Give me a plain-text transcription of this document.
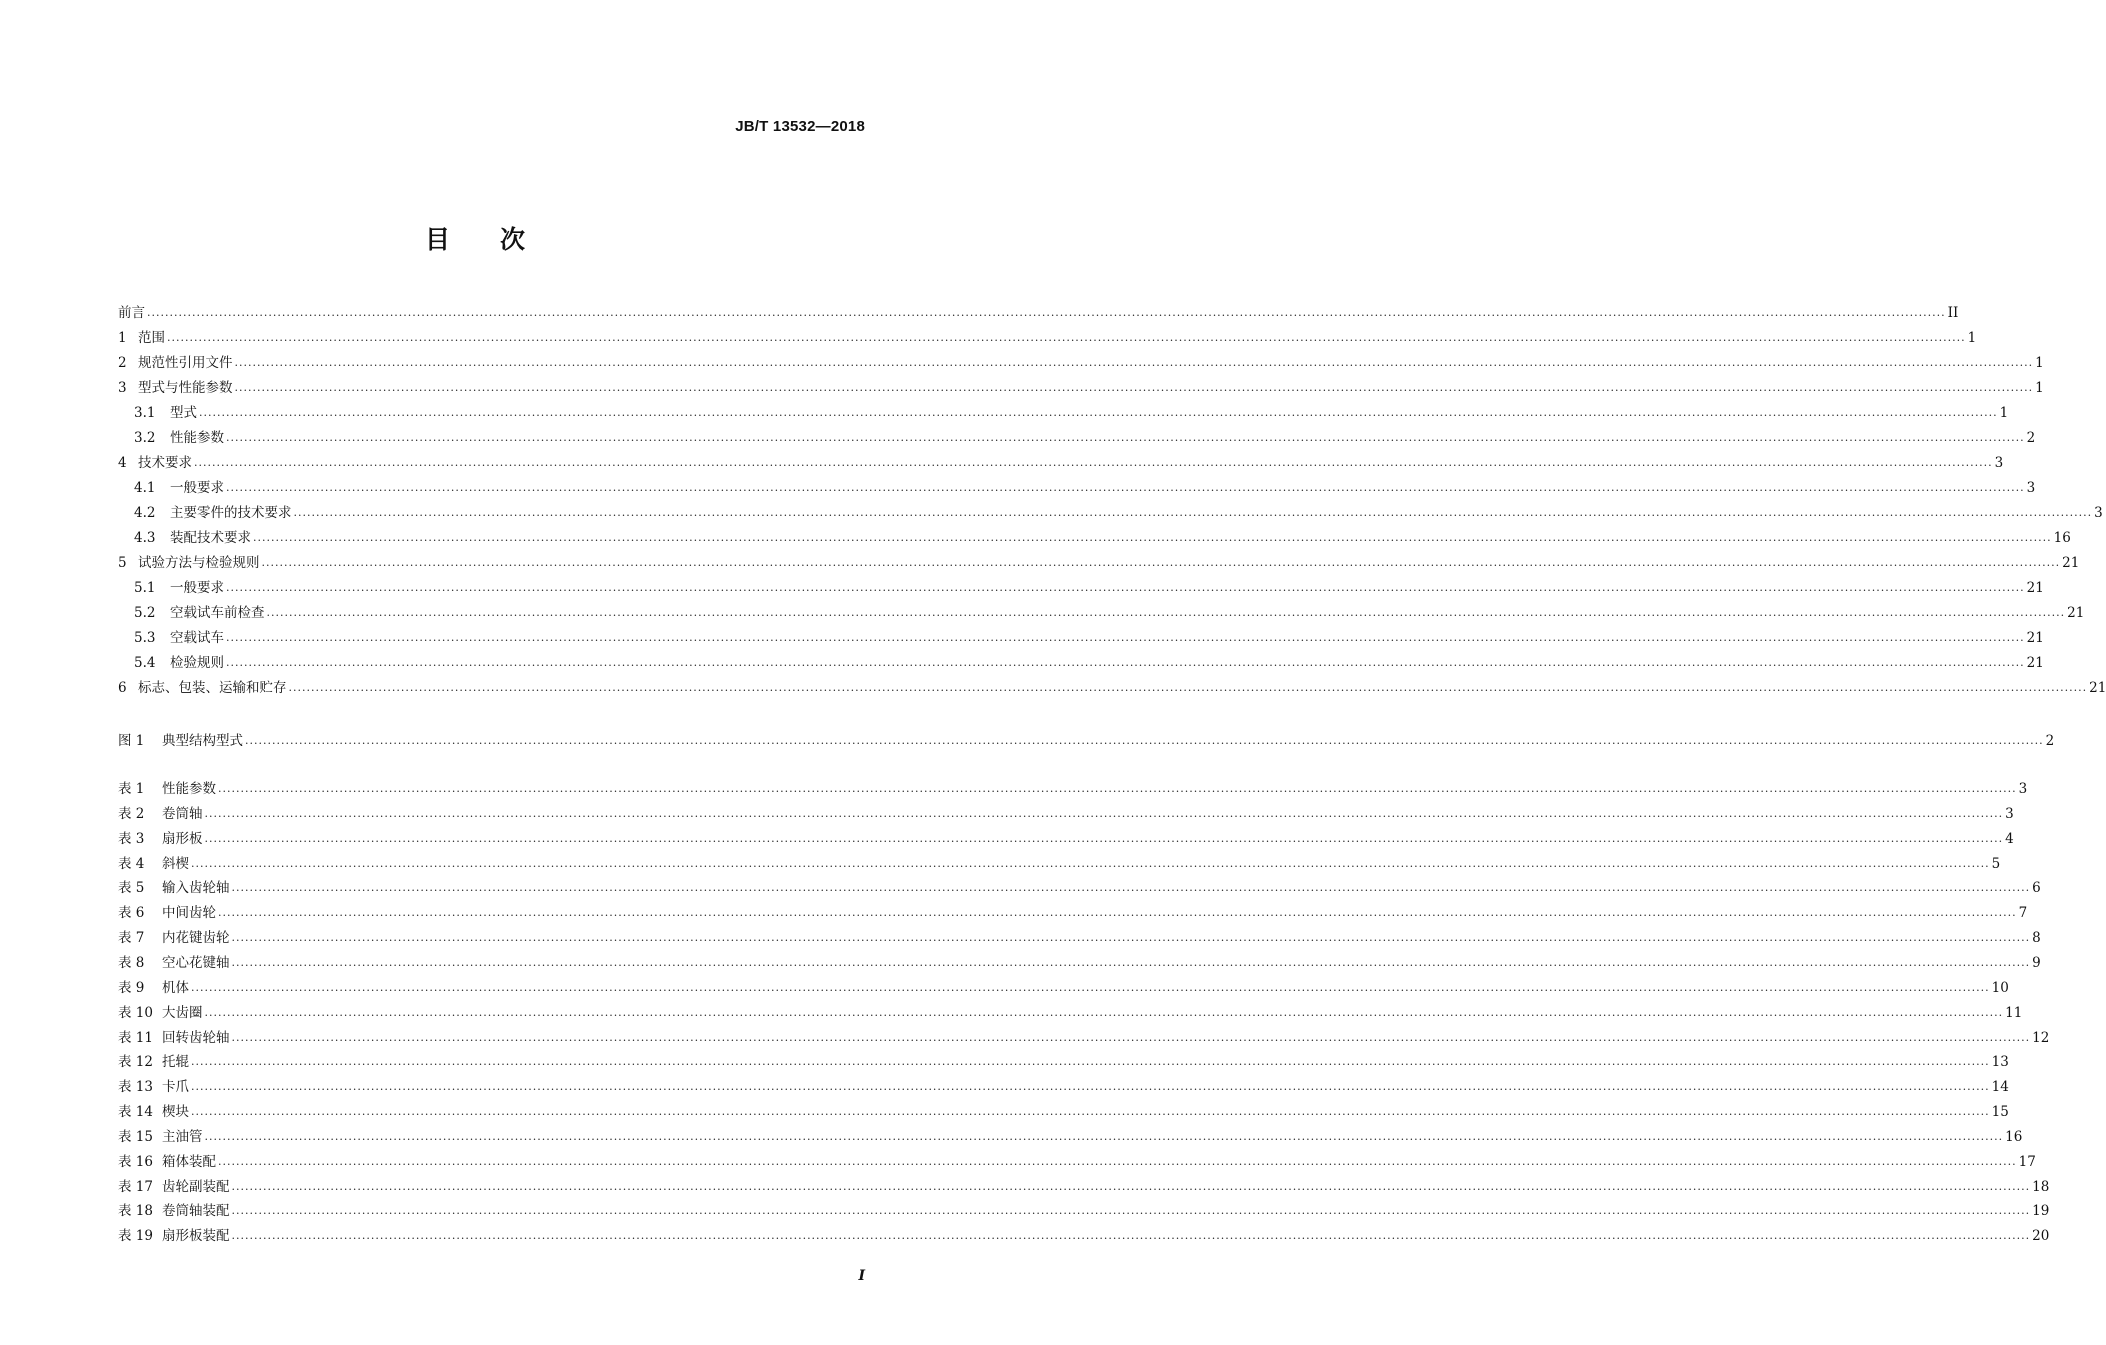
JB/T 13532—2018
目　　次
前言 ................................................................................................................................................................................................................................................................................................................................................................................................................ II
1 范围 ................................................................................................................................................................................................................................................................................................................................................................................................................ 1
2 规范性引用文件 ................................................................................................................................................................................................................................................................................................................................................................................................................ 1
3 型式与性能参数 ................................................................................................................................................................................................................................................................................................................................................................................................................ 1
3.1	型式 ................................................................................................................................................................................................................................................................................................................................................................................................................ 1
3.2	性能参数 ................................................................................................................................................................................................................................................................................................................................................................................................................ 2
4 技术要求 ................................................................................................................................................................................................................................................................................................................................................................................................................ 3
4.1	一般要求 ................................................................................................................................................................................................................................................................................................................................................................................................................ 3
4.2	主要零件的技术要求 ................................................................................................................................................................................................................................................................................................................................................................................................................ 3
4.3	装配技术要求 ................................................................................................................................................................................................................................................................................................................................................................................................................ 16
5 试验方法与检验规则 ................................................................................................................................................................................................................................................................................................................................................................................................................ 21
5.1	一般要求 ................................................................................................................................................................................................................................................................................................................................................................................................................ 21
5.2	空载试车前检查 ................................................................................................................................................................................................................................................................................................................................................................................................................ 21
5.3	空载试车 ................................................................................................................................................................................................................................................................................................................................................................................................................ 21
5.4	检验规则 ................................................................................................................................................................................................................................................................................................................................................................................................................ 21
6 标志、包装、运输和贮存 ................................................................................................................................................................................................................................................................................................................................................................................................................ 21
图 1	典型结构型式 ................................................................................................................................................................................................................................................................................................................................................................................................................ 2
表 1	性能参数 ................................................................................................................................................................................................................................................................................................................................................................................................................ 3
表 2	卷筒轴 ................................................................................................................................................................................................................................................................................................................................................................................................................ 3
表 3	扇形板 ................................................................................................................................................................................................................................................................................................................................................................................................................ 4
表 4	斜楔 ................................................................................................................................................................................................................................................................................................................................................................................................................ 5
表 5	输入齿轮轴 ................................................................................................................................................................................................................................................................................................................................................................................................................ 6
表 6	中间齿轮 ................................................................................................................................................................................................................................................................................................................................................................................................................ 7
表 7	内花键齿轮 ................................................................................................................................................................................................................................................................................................................................................................................................................ 8
表 8	空心花键轴 ................................................................................................................................................................................................................................................................................................................................................................................................................ 9
表 9	机体 ................................................................................................................................................................................................................................................................................................................................................................................................................ 10
表 10 大齿圈 ................................................................................................................................................................................................................................................................................................................................................................................................................ 11
表 11 回转齿轮轴 ................................................................................................................................................................................................................................................................................................................................................................................................................ 12
表 12 托辊 ................................................................................................................................................................................................................................................................................................................................................................................................................ 13
表 13 卡爪 ................................................................................................................................................................................................................................................................................................................................................................................................................ 14
表 14 楔块 ................................................................................................................................................................................................................................................................................................................................................................................................................ 15
表 15 主油管 ................................................................................................................................................................................................................................................................................................................................................................................................................ 16
表 16 箱体装配 ................................................................................................................................................................................................................................................................................................................................................................................................................ 17
表 17 齿轮副装配 ................................................................................................................................................................................................................................................................................................................................................................................................................ 18
表 18 卷筒轴装配 ................................................................................................................................................................................................................................................................................................................................................................................................................ 19
表 19 扇形板装配 ................................................................................................................................................................................................................................................................................................................................................................................................................ 20
I
